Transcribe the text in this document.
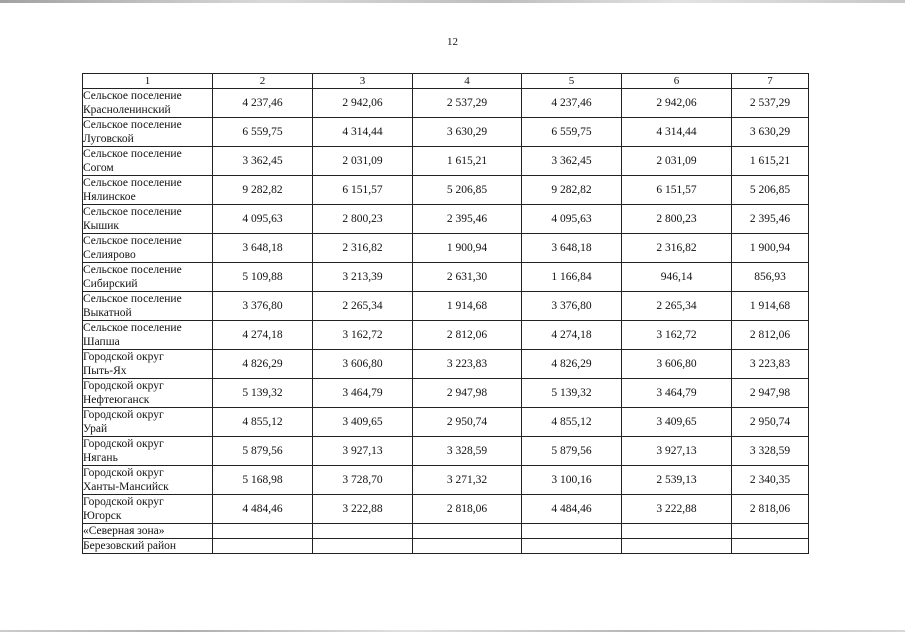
12
1	2	3	4	5	6	7

Сельское поселение
Красноленинский	4 237,46	2 942,06	2 537,29	4 237,46	2 942,06	2 537,29

Сельское поселение
Луговской	6 559,75	4 314,44	3 630,29	6 559,75	4 314,44	3 630,29

Сельское поселение
Согом	3 362,45	2 031,09	1 615,21	3 362,45	2 031,09	1 615,21

Сельское поселение
Нялинское	9 282,82	6 151,57	5 206,85	9 282,82	6 151,57	5 206,85

Сельское поселение
Кышик	4 095,63	2 800,23	2 395,46	4 095,63	2 800,23	2 395,46

Сельское поселение
Селиярово	3 648,18	2 316,82	1 900,94	3 648,18	2 316,82	1 900,94

Сельское поселение
Сибирский	5 109,88	3 213,39	2 631,30	1 166,84	946,14	856,93

Сельское поселение
Выкатной	3 376,80	2 265,34	1 914,68	3 376,80	2 265,34	1 914,68

Сельское поселение
Шапша	4 274,18	3 162,72	2 812,06	4 274,18	3 162,72	2 812,06

Городской округ
Пыть-Ях	4 826,29	3 606,80	3 223,83	4 826,29	3 606,80	3 223,83

Городской округ
Нефтеюганск	5 139,32	3 464,79	2 947,98	5 139,32	3 464,79	2 947,98

Городской округ
Урай	4 855,12	3 409,65	2 950,74	4 855,12	3 409,65	2 950,74

Городской округ
Нягань	5 879,56	3 927,13	3 328,59	5 879,56	3 927,13	3 328,59

Городской округ
Ханты-Мансийск	5 168,98	3 728,70	3 271,32	3 100,16	2 539,13	2 340,35

Городской округ
Югорск	4 484,46	3 222,88	2 818,06	4 484,46	3 222,88	2 818,06
«Северная зона»						
Березовский район						
